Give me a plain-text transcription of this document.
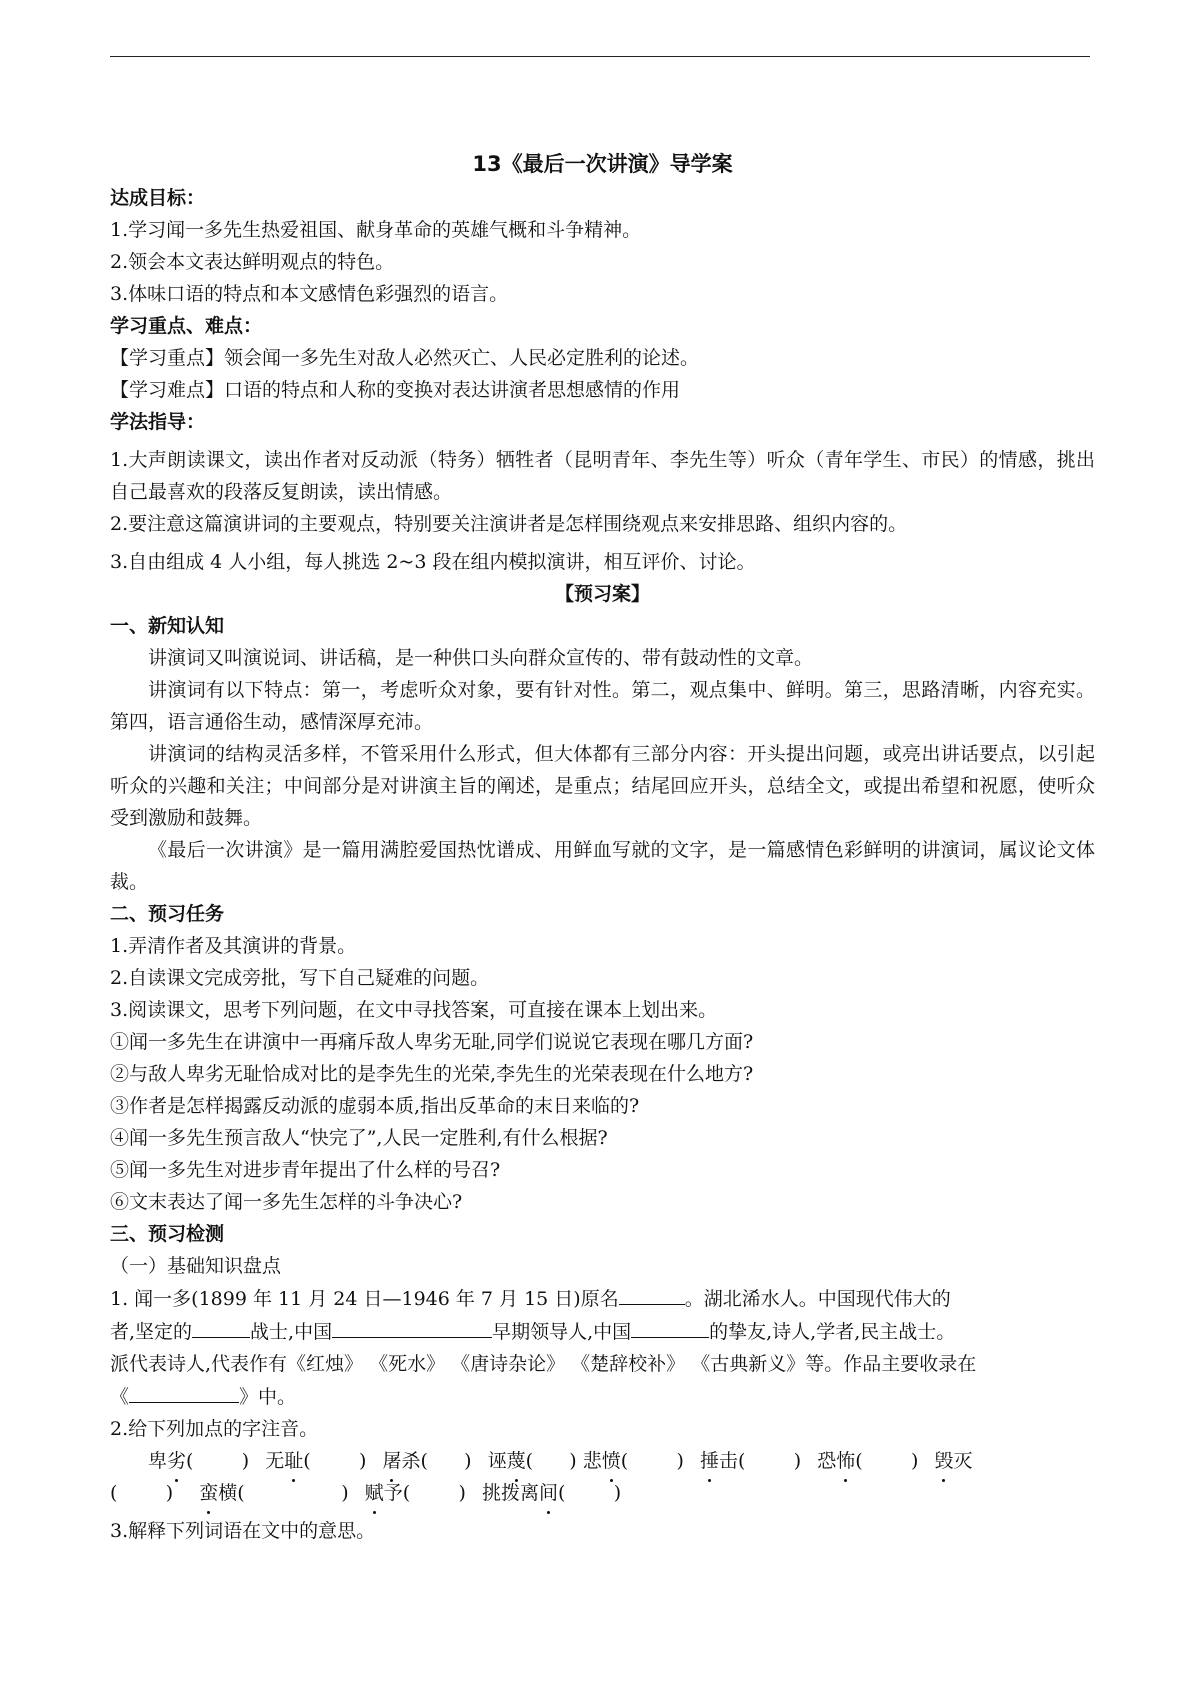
13《最后一次讲演》导学案
达成目标：
1.学习闻一多先生热爱祖国、献身革命的英雄气概和斗争精神。
2.领会本文表达鲜明观点的特色。
3.体味口语的特点和本文感情色彩强烈的语言。
学习重点、难点：
【学习重点】领会闻一多先生对敌人必然灭亡、人民必定胜利的论述。
【学习难点】口语的特点和人称的变换对表达讲演者思想感情的作用
学法指导：
1.大声朗读课文，读出作者对反动派（特务）牺牲者（昆明青年、李先生等）听众（青年学生、市民）的情感，挑出自己最喜欢的段落反复朗读，读出情感。
2.要注意这篇演讲词的主要观点，特别要关注演讲者是怎样围绕观点来安排思路、组织内容的。
3.自由组成 4 人小组，每人挑选 2~3 段在组内模拟演讲，相互评价、讨论。
【预习案】
一、新知认知
讲演词又叫演说词、讲话稿，是一种供口头向群众宣传的、带有鼓动性的文章。
讲演词有以下特点：第一，考虑听众对象，要有针对性。第二，观点集中、鲜明。第三，思路清晰，内容充实。第四，语言通俗生动，感情深厚充沛。
讲演词的结构灵活多样，不管采用什么形式，但大体都有三部分内容：开头提出问题，或亮出讲话要点，以引起听众的兴趣和关注；中间部分是对讲演主旨的阐述，是重点；结尾回应开头，总结全文，或提出希望和祝愿，使听众受到激励和鼓舞。
《最后一次讲演》是一篇用满腔爱国热忱谱成、用鲜血写就的文字，是一篇感情色彩鲜明的讲演词，属议论文体裁。
二、预习任务
1.弄清作者及其演讲的背景。
2.自读课文完成旁批，写下自己疑难的问题。
3.阅读课文，思考下列问题，在文中寻找答案，可直接在课本上划出来。
①闻一多先生在讲演中一再痛斥敌人卑劣无耻,同学们说说它表现在哪几方面?
②与敌人卑劣无耻恰成对比的是李先生的光荣,李先生的光荣表现在什么地方?
③作者是怎样揭露反动派的虚弱本质,指出反革命的末日来临的?
④闻一多先生预言敌人“快完了”,人民一定胜利,有什么根据?
⑤闻一多先生对进步青年提出了什么样的号召?
⑥文末表达了闻一多先生怎样的斗争决心?
三、预习检测
（一）基础知识盘点
1. 闻一多(1899 年 11 月 24 日—1946 年 7 月 15 日)原名	。湖北浠水人。中国现代伟大的
者,坚定的	战士,中国	早期领导人,中国	的挚友,诗人,学者,民主战士。
派代表诗人,代表作有《红烛》 《死水》 《唐诗杂论》 《楚辞校补》 《古典新义》等。作品主要收录在
《	》中。
2.给下列加点的字注音。
卑劣(        ) 无耻(        ) 屠杀(      ) 诬蔑(      ) 悲愤(        ) 捶击(        ) 恐怖(        ) 毁灭
(        ) 蛮横(                ) 赋予(        ) 挑拨离间(        )
3.解释下列词语在文中的意思。
